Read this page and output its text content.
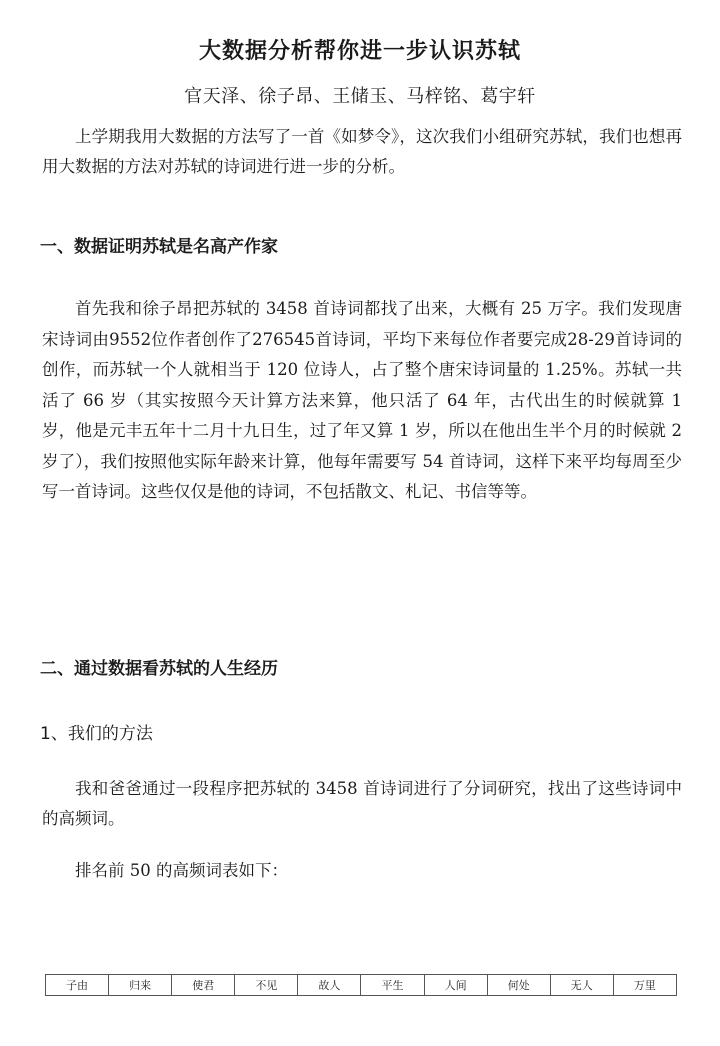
大数据分析帮你进一步认识苏轼
官天泽、徐子昂、王储玉、马梓铭、葛宇轩

上学期我用大数据的方法写了一首《如梦令》，这次我们小组研究苏轼，我们也想再用大数据的方法对苏轼的诗词进行进一步的分析。

一、数据证明苏轼是名高产作家

首先我和徐子昂把苏轼的 3458 首诗词都找了出来，大概有 25 万字。我们发现唐宋诗词由9552位作者创作了276545首诗词，平均下来每位作者要完成28-29首诗词的创作，而苏轼一个人就相当于 120 位诗人，占了整个唐宋诗词量的 1.25%。苏轼一共活了 66 岁（其实按照今天计算方法来算，他只活了 64 年，古代出生的时候就算 1 岁，他是元丰五年十二月十九日生，过了年又算 1 岁，所以在他出生半个月的时候就 2 岁了），我们按照他实际年龄来计算，他每年需要写 54 首诗词，这样下来平均每周至少写一首诗词。这些仅仅是他的诗词，不包括散文、札记、书信等等。

二、通过数据看苏轼的人生经历
1、我们的方法

我和爸爸通过一段程序把苏轼的 3458 首诗词进行了分词研究，找出了这些诗词中的高频词。

排名前 50 的高频词表如下：

子由	归来	使君	不见	故人	平生	人间	何处	无人	万里
